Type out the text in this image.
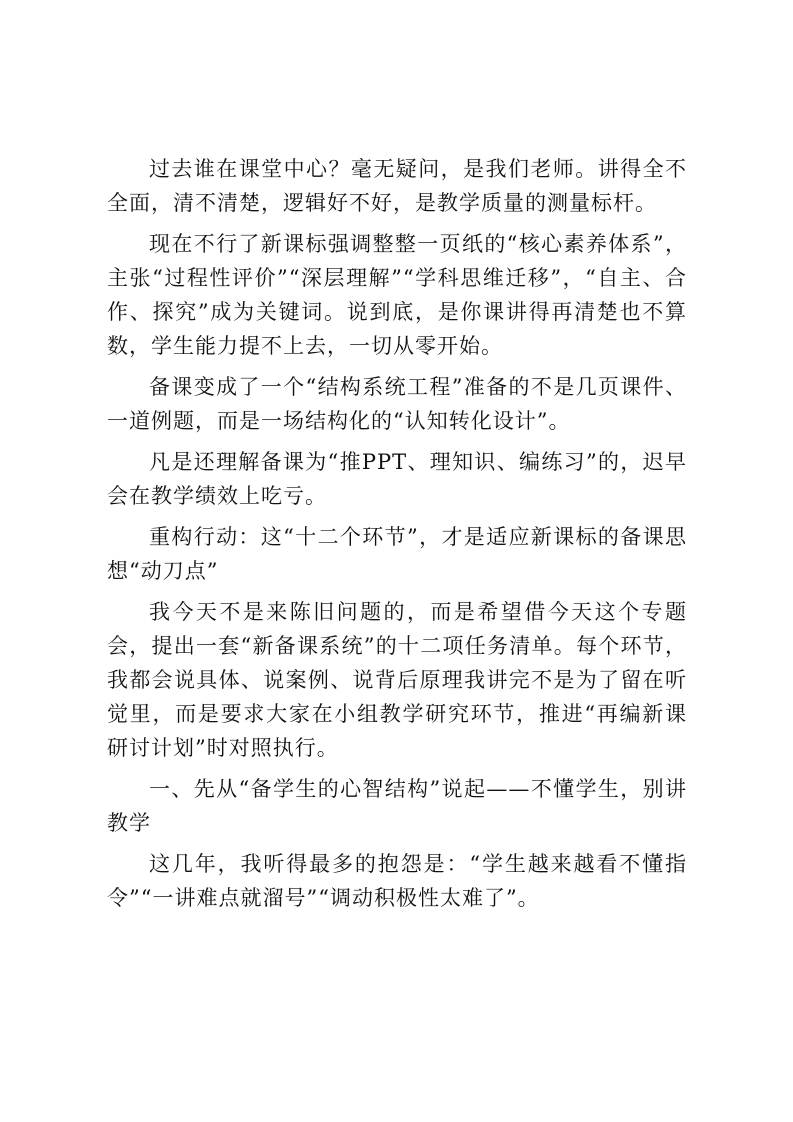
过去谁在课堂中心？毫无疑问，是我们老师。讲得全不全面，清不清楚，逻辑好不好，是教学质量的测量标杆。

现在不行了新课标强调整整一页纸的“核心素养体系”，主张“过程性评价”“深层理解”“学科思维迁移”，“自主、合作、探究”成为关键词。说到底，是你课讲得再清楚也不算数，学生能力提不上去，一切从零开始。

备课变成了一个“结构系统工程”准备的不是几页课件、一道例题，而是一场结构化的“认知转化设计”。

凡是还理解备课为“推PPT、理知识、编练习”的，迟早会在教学绩效上吃亏。

重构行动：这“十二个环节”，才是适应新课标的备课思想“动刀点”

我今天不是来陈旧问题的，而是希望借今天这个专题会，提出一套“新备课系统”的十二项任务清单。每个环节，我都会说具体、说案例、说背后原理我讲完不是为了留在听觉里，而是要求大家在小组教学研究环节，推进“再编新课研讨计划”时对照执行。

一、先从“备学生的心智结构”说起——不懂学生，别讲教学

这几年，我听得最多的抱怨是：“学生越来越看不懂指令”“一讲难点就溜号”“调动积极性太难了”。
